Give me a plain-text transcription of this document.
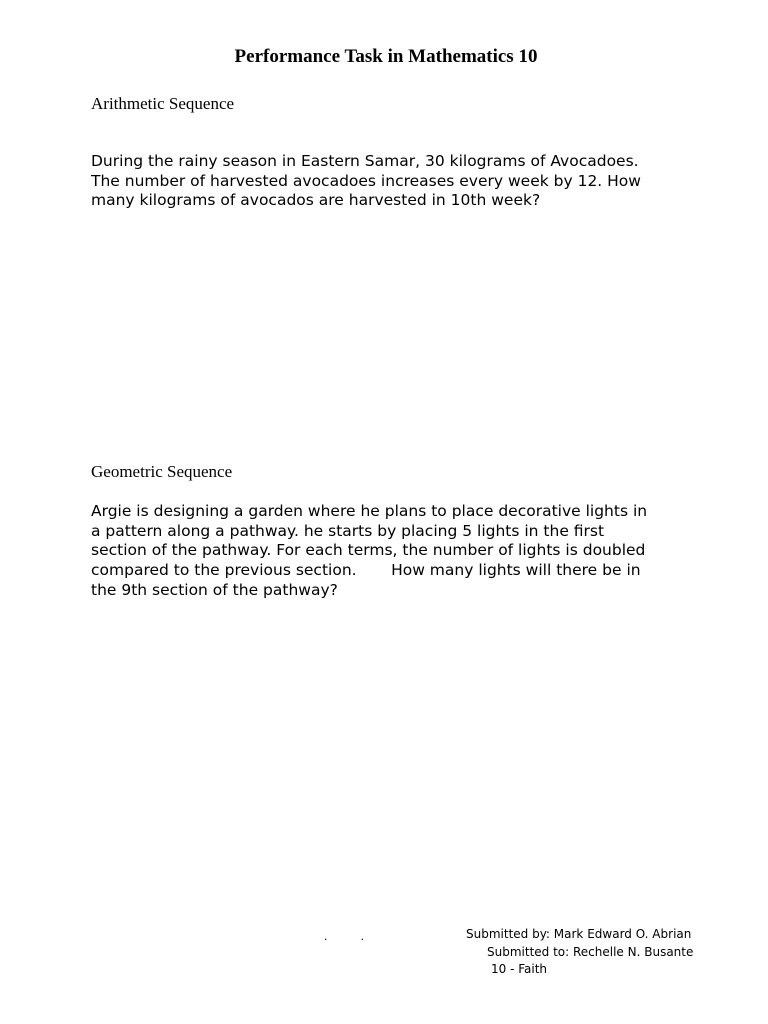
Performance Task in Mathematics 10
Arithmetic Sequence
During the rainy season in Eastern Samar, 30 kilograms of Avocadoes.
The number of harvested avocadoes increases every week by 12. How
many kilograms of avocados are harvested in 10th week?
Geometric Sequence
Argie is designing a garden where he plans to place decorative lights in
a pattern along a pathway. he starts by placing 5 lights in the first
section of the pathway. For each terms, the number of lights is doubled
compared to the previous section.       How many lights will there be in
the 9th section of the pathway?
.          .	Submitted by: Mark Edward O. Abrian
Submitted to: Rechelle N. Busante
10 - Faith
